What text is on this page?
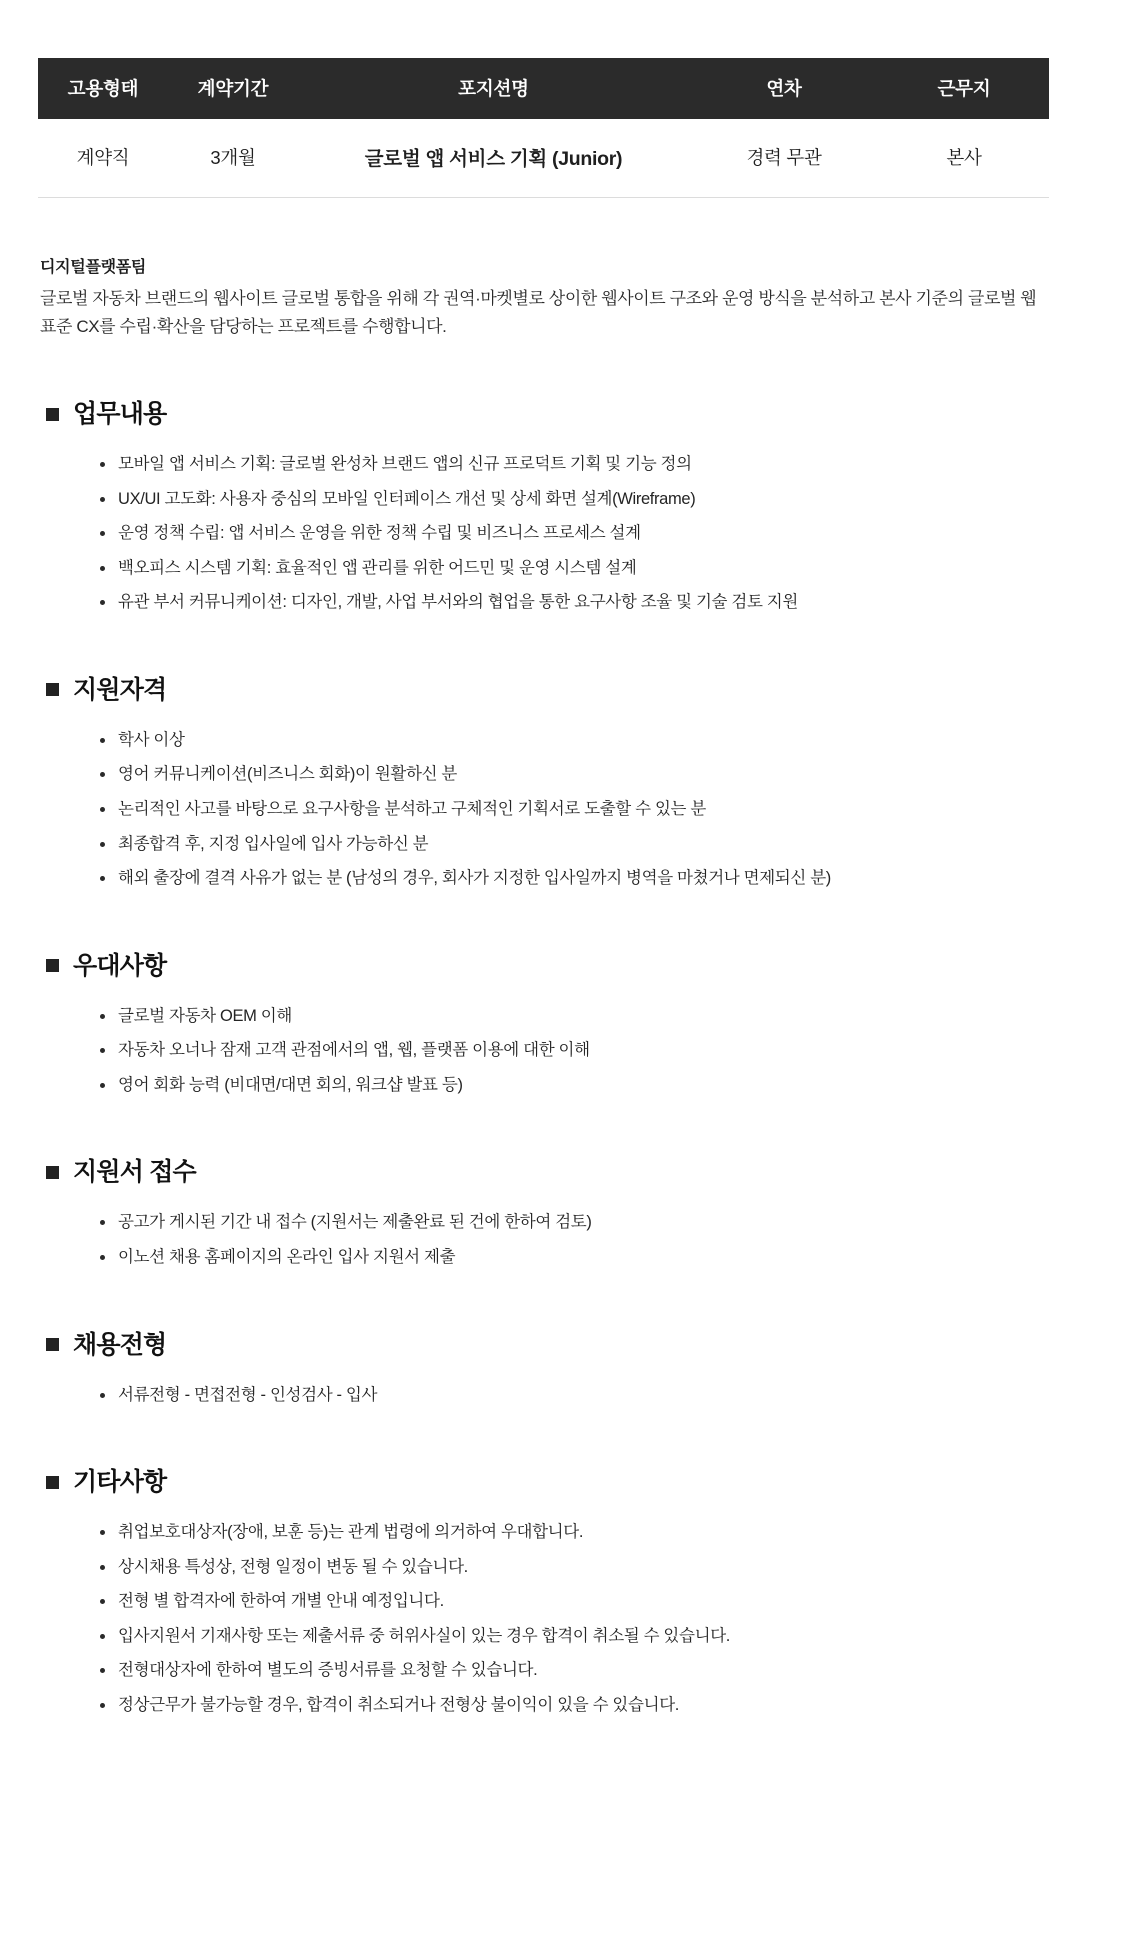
고용형태	계약기간	포지션명	연차	근무지
계약직	3개월	글로벌 앱 서비스 기획 (Junior)	경력 무관	본사
디지털플랫폼팀

글로벌 자동차 브랜드의 웹사이트 글로벌 통합을 위해 각 권역·마켓별로 상이한 웹사이트 구조와 운영 방식을 분석하고 본사 기준의 글로벌 웹 표준 CX를 수립·확산을 담당하는 프로젝트를 수행합니다.

업무내용
모바일 앱 서비스 기획: 글로벌 완성차 브랜드 앱의 신규 프로덕트 기획 및 기능 정의
UX/UI 고도화: 사용자 중심의 모바일 인터페이스 개선 및 상세 화면 설계(Wireframe)
운영 정책 수립: 앱 서비스 운영을 위한 정책 수립 및 비즈니스 프로세스 설계
백오피스 시스템 기획: 효율적인 앱 관리를 위한 어드민 및 운영 시스템 설계
유관 부서 커뮤니케이션: 디자인, 개발, 사업 부서와의 협업을 통한 요구사항 조율 및 기술 검토 지원
지원자격
학사 이상
영어 커뮤니케이션(비즈니스 회화)이 원활하신 분
논리적인 사고를 바탕으로 요구사항을 분석하고 구체적인 기획서로 도출할 수 있는 분
최종합격 후, 지정 입사일에 입사 가능하신 분
해외 출장에 결격 사유가 없는 분 (남성의 경우, 회사가 지정한 입사일까지 병역을 마쳤거나 면제되신 분)
우대사항
글로벌 자동차 OEM 이해
자동차 오너나 잠재 고객 관점에서의 앱, 웹, 플랫폼 이용에 대한 이해
영어 회화 능력 (비대면/대면 회의, 워크샵 발표 등)
지원서 접수
공고가 게시된 기간 내 접수 (지원서는 제출완료 된 건에 한하여 검토)
이노션 채용 홈페이지의 온라인 입사 지원서 제출
채용전형
서류전형 - 면접전형 - 인성검사 - 입사
기타사항
취업보호대상자(장애, 보훈 등)는 관계 법령에 의거하여 우대합니다.
상시채용 특성상, 전형 일정이 변동 될 수 있습니다.
전형 별 합격자에 한하여 개별 안내 예정입니다.
입사지원서 기재사항 또는 제출서류 중 허위사실이 있는 경우 합격이 취소될 수 있습니다.
전형대상자에 한하여 별도의 증빙서류를 요청할 수 있습니다.
정상근무가 불가능할 경우, 합격이 취소되거나 전형상 불이익이 있을 수 있습니다.
